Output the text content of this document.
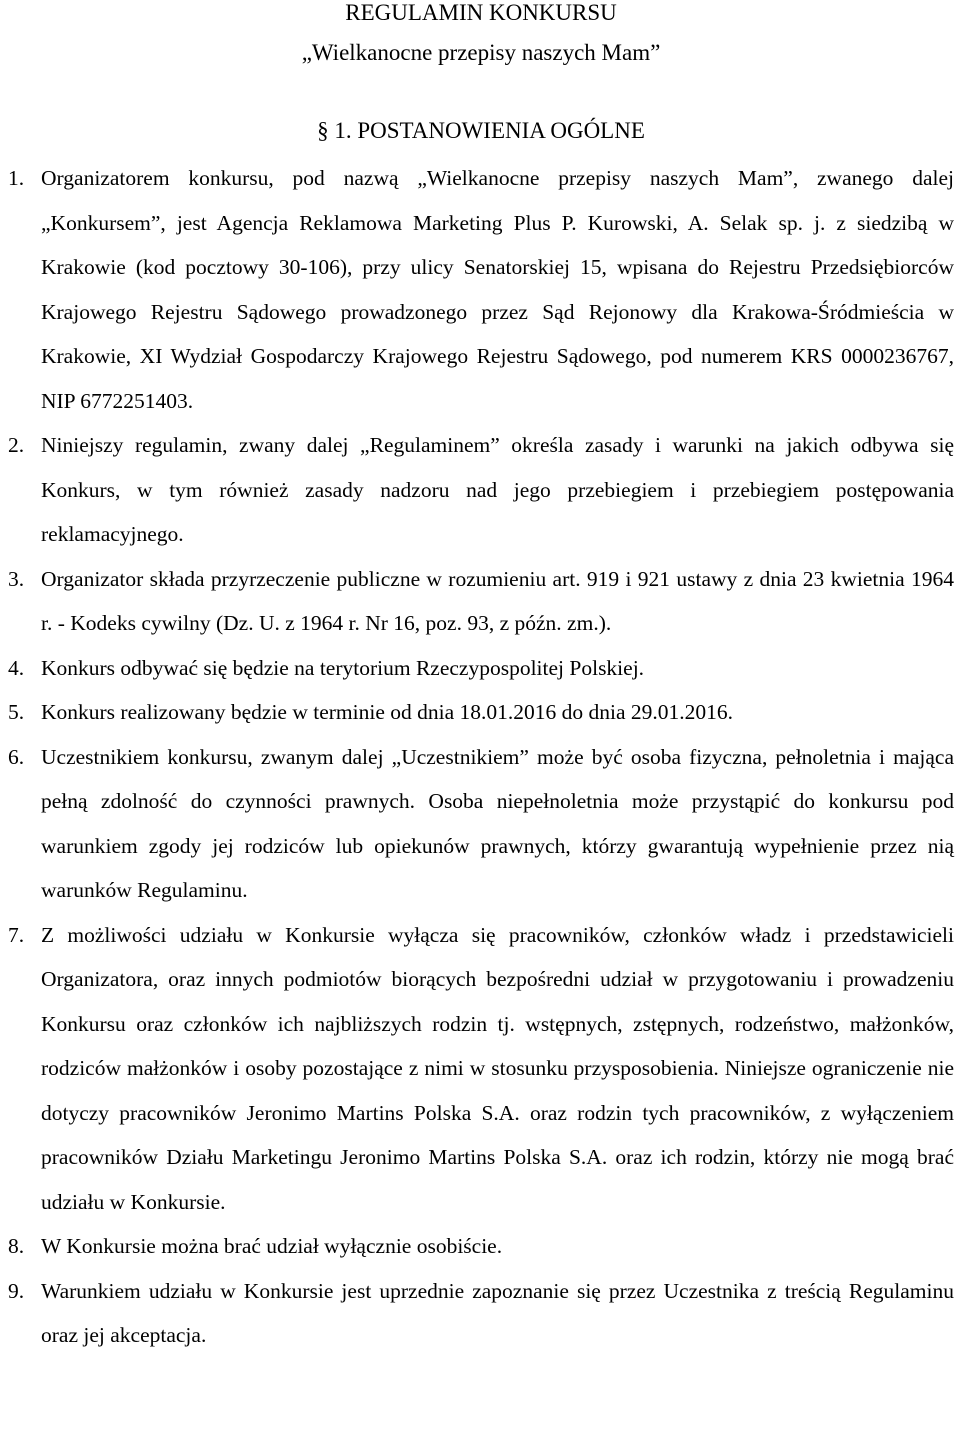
REGULAMIN KONKURSU
„Wielkanocne przepisy naszych Mam”
§ 1. POSTANOWIENIA OGÓLNE
1. Organizatorem konkursu, pod nazwą „Wielkanocne przepisy naszych Mam”, zwanego dalej „Konkursem”, jest Agencja Reklamowa Marketing Plus P. Kurowski, A. Selak sp. j. z siedzibą w Krakowie (kod pocztowy 30-106), przy ulicy Senatorskiej 15, wpisana do Rejestru Przedsiębiorców Krajowego Rejestru Sądowego prowadzonego przez Sąd Rejonowy dla Krakowa-Śródmieścia w Krakowie, XI Wydział Gospodarczy Krajowego Rejestru Sądowego, pod numerem KRS 0000236767, NIP 6772251403.
2. Niniejszy regulamin, zwany dalej „Regulaminem” określa zasady i warunki na jakich odbywa się Konkurs, w tym również zasady nadzoru nad jego przebiegiem i przebiegiem postępowania reklamacyjnego.
3. Organizator składa przyrzeczenie publiczne w rozumieniu art. 919 i 921 ustawy z dnia 23 kwietnia 1964 r. - Kodeks cywilny (Dz. U. z 1964 r. Nr 16, poz. 93, z późn. zm.).
4. Konkurs odbywać się będzie na terytorium Rzeczypospolitej Polskiej.
5. Konkurs realizowany będzie w terminie od dnia 18.01.2016 do dnia 29.01.2016.
6. Uczestnikiem konkursu, zwanym dalej „Uczestnikiem” może być osoba fizyczna, pełnoletnia i mająca pełną zdolność do czynności prawnych. Osoba niepełnoletnia może przystąpić do konkursu pod warunkiem zgody jej rodziców lub opiekunów prawnych, którzy gwarantują wypełnienie przez nią warunków Regulaminu.
7. Z możliwości udziału w Konkursie wyłącza się pracowników, członków władz i przedstawicieli Organizatora, oraz innych podmiotów biorących bezpośredni udział w przygotowaniu i prowadzeniu Konkursu oraz członków ich najbliższych rodzin tj. wstępnych, zstępnych, rodzeństwo, małżonków, rodziców małżonków i osoby pozostające z nimi w stosunku przysposobienia. Niniejsze ograniczenie nie dotyczy pracowników Jeronimo Martins Polska S.A. oraz rodzin tych pracowników, z wyłączeniem pracowników Działu Marketingu Jeronimo Martins Polska S.A. oraz ich rodzin, którzy nie mogą brać udziału w Konkursie.
8. W Konkursie można brać udział wyłącznie osobiście.
9. Warunkiem udziału w Konkursie jest uprzednie zapoznanie się przez Uczestnika z treścią Regulaminu oraz jej akceptacja.
